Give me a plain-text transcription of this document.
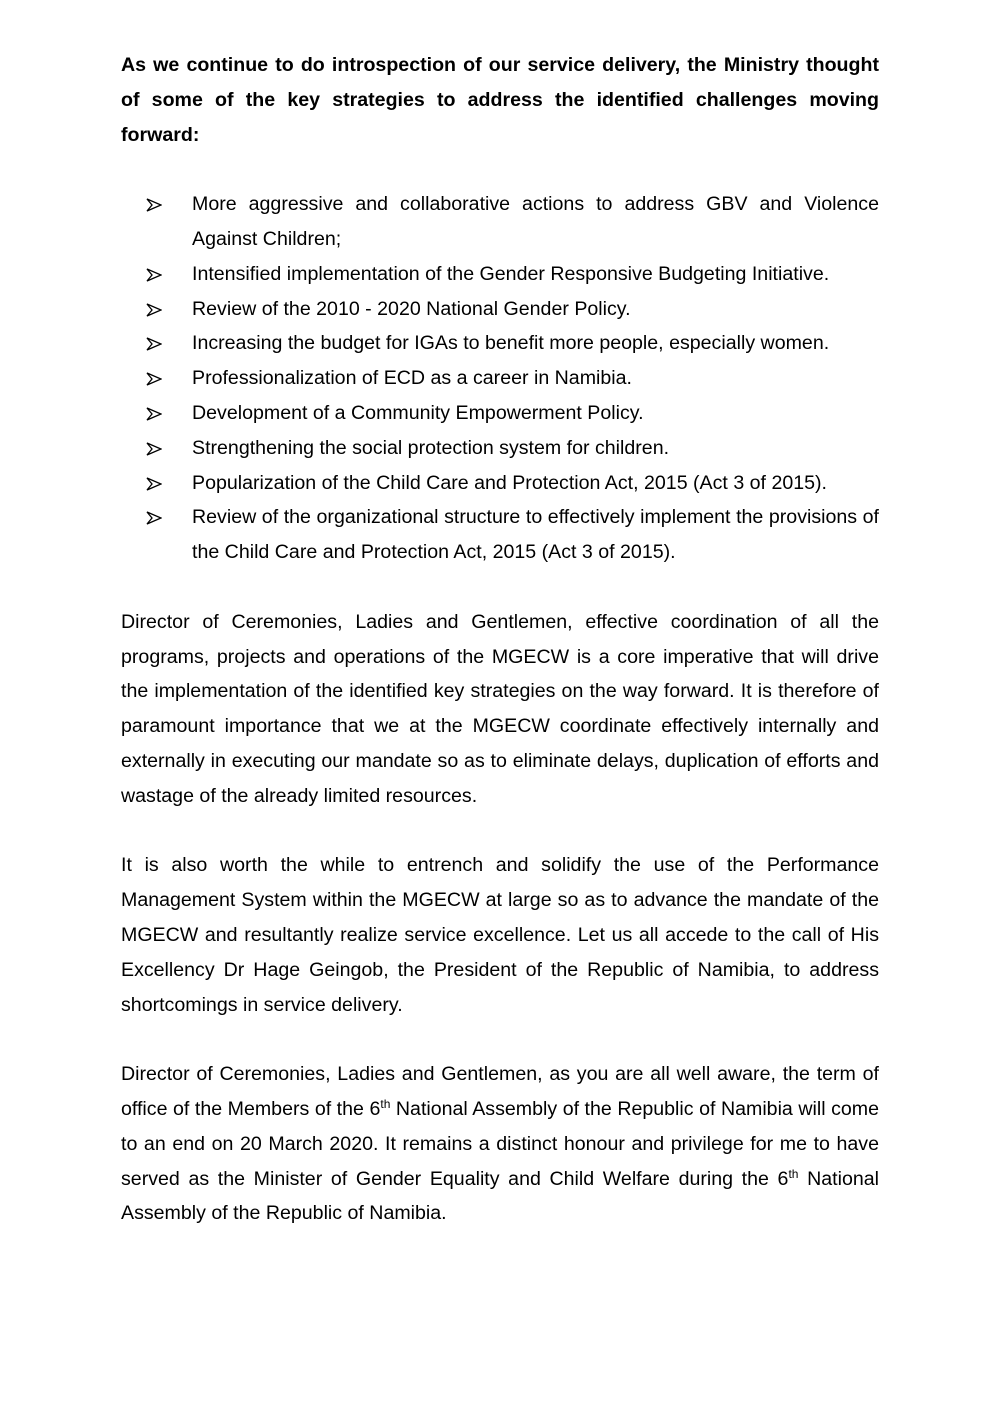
As we continue to do introspection of our service delivery, the Ministry thought of some of the key strategies to address the identified challenges moving forward:

More aggressive and collaborative actions to address GBV and Violence Against Children;
Intensified implementation of the Gender Responsive Budgeting Initiative.
Review of the 2010 - 2020 National Gender Policy.
Increasing the budget for IGAs to benefit more people, especially women.
Professionalization of ECD as a career in Namibia.
Development of a Community Empowerment Policy.
Strengthening the social protection system for children.
Popularization of the Child Care and Protection Act, 2015 (Act 3 of 2015).
Review of the organizational structure to effectively implement the provisions of the Child Care and Protection Act, 2015 (Act 3 of 2015).

Director of Ceremonies, Ladies and Gentlemen, effective coordination of all the programs, projects and operations of the MGECW is a core imperative that will drive the implementation of the identified key strategies on the way forward. It is therefore of paramount importance that we at the MGECW coordinate effectively internally and externally in executing our mandate so as to eliminate delays, duplication of efforts and wastage of the already limited resources.

It is also worth the while to entrench and solidify the use of the Performance Management System within the MGECW at large so as to advance the mandate of the MGECW and resultantly realize service excellence. Let us all accede to the call of His Excellency Dr Hage Geingob, the President of the Republic of Namibia, to address shortcomings in service delivery.

Director of Ceremonies, Ladies and Gentlemen, as you are all well aware, the term of office of the Members of the 6th National Assembly of the Republic of Namibia will come to an end on 20 March 2020. It remains a distinct honour and privilege for me to have served as the Minister of Gender Equality and Child Welfare during the 6th National Assembly of the Republic of Namibia.
